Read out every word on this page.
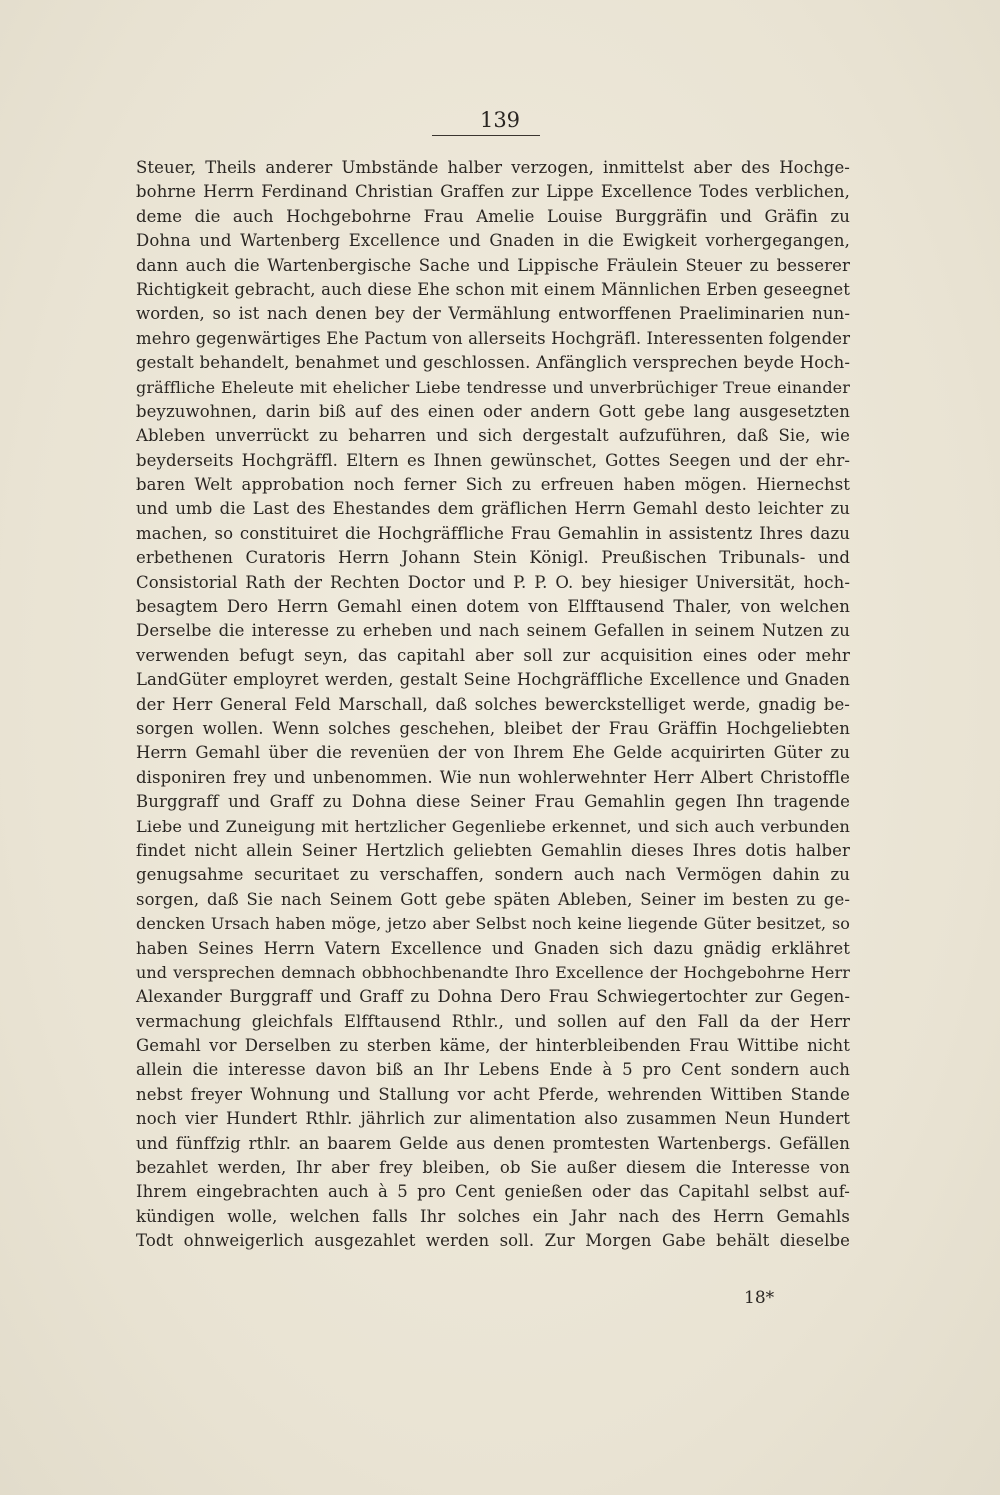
139
Steuer, Theils anderer Umbstände halber verzogen, inmittelst aber des Hochge-
bohrne Herrn Ferdinand Christian Graffen zur Lippe Excellence Todes verblichen,
deme die auch Hochgebohrne Frau Amelie Louise Burggräfin und Gräfin zu
Dohna und Wartenberg Excellence und Gnaden in die Ewigkeit vorhergegangen,
dann auch die Wartenbergische Sache und Lippische Fräulein Steuer zu besserer
Richtigkeit gebracht, auch diese Ehe schon mit einem Männlichen Erben geseegnet
worden, so ist nach denen bey der Vermählung entworffenen Praeliminarien nun-
mehro gegenwärtiges Ehe Pactum von allerseits Hochgräfl. Interessenten folgender
gestalt behandelt, benahmet und geschlossen. Anfänglich versprechen beyde Hoch-
gräffliche Eheleute mit ehelicher Liebe tendresse und unverbrüchiger Treue einander
beyzuwohnen, darin biß auf des einen oder andern Gott gebe lang ausgesetzten
Ableben unverrückt zu beharren und sich dergestalt aufzuführen, daß Sie, wie
beyderseits Hochgräffl. Eltern es Ihnen gewünschet, Gottes Seegen und der ehr-
baren Welt approbation noch ferner Sich zu erfreuen haben mögen. Hiernechst
und umb die Last des Ehestandes dem gräflichen Herrn Gemahl desto leichter zu
machen, so constituiret die Hochgräffliche Frau Gemahlin in assistentz Ihres dazu
erbethenen Curatoris Herrn Johann Stein Königl. Preußischen Tribunals- und
Consistorial Rath der Rechten Doctor und P. P. O. bey hiesiger Universität, hoch-
besagtem Dero Herrn Gemahl einen dotem von Elfftausend Thaler, von welchen
Derselbe die interesse zu erheben und nach seinem Gefallen in seinem Nutzen zu
verwenden befugt seyn, das capitahl aber soll zur acquisition eines oder mehr
LandGüter employret werden, gestalt Seine Hochgräffliche Excellence und Gnaden
der Herr General Feld Marschall, daß solches bewerckstelliget werde, gnadig be-
sorgen wollen. Wenn solches geschehen, bleibet der Frau Gräffin Hochgeliebten
Herrn Gemahl über die revenüen der von Ihrem Ehe Gelde acquirirten Güter zu
disponiren frey und unbenommen. Wie nun wohlerwehnter Herr Albert Christoffle
Burggraff und Graff zu Dohna diese Seiner Frau Gemahlin gegen Ihn tragende
Liebe und Zuneigung mit hertzlicher Gegenliebe erkennet, und sich auch verbunden
findet nicht allein Seiner Hertzlich geliebten Gemahlin dieses Ihres dotis halber
genugsahme securitaet zu verschaffen, sondern auch nach Vermögen dahin zu
sorgen, daß Sie nach Seinem Gott gebe späten Ableben, Seiner im besten zu ge-
dencken Ursach haben möge, jetzo aber Selbst noch keine liegende Güter besitzet, so
haben Seines Herrn Vatern Excellence und Gnaden sich dazu gnädig erklähret
und versprechen demnach obbhochbenandte Ihro Excellence der Hochgebohrne Herr
Alexander Burggraff und Graff zu Dohna Dero Frau Schwiegertochter zur Gegen-
vermachung gleichfals Elfftausend Rthlr., und sollen auf den Fall da der Herr
Gemahl vor Derselben zu sterben käme, der hinterbleibenden Frau Wittibe nicht
allein die interesse davon biß an Ihr Lebens Ende à 5 pro Cent sondern auch
nebst freyer Wohnung und Stallung vor acht Pferde, wehrenden Wittiben Stande
noch vier Hundert Rthlr. jährlich zur alimentation also zusammen Neun Hundert
und fünffzig rthlr. an baarem Gelde aus denen promtesten Wartenbergs. Gefällen
bezahlet werden, Ihr aber frey bleiben, ob Sie außer diesem die Interesse von
Ihrem eingebrachten auch à 5 pro Cent genießen oder das Capitahl selbst auf-
kündigen wolle, welchen falls Ihr solches ein Jahr nach des Herrn Gemahls
Todt ohnweigerlich ausgezahlet werden soll. Zur Morgen Gabe behält dieselbe
18*
